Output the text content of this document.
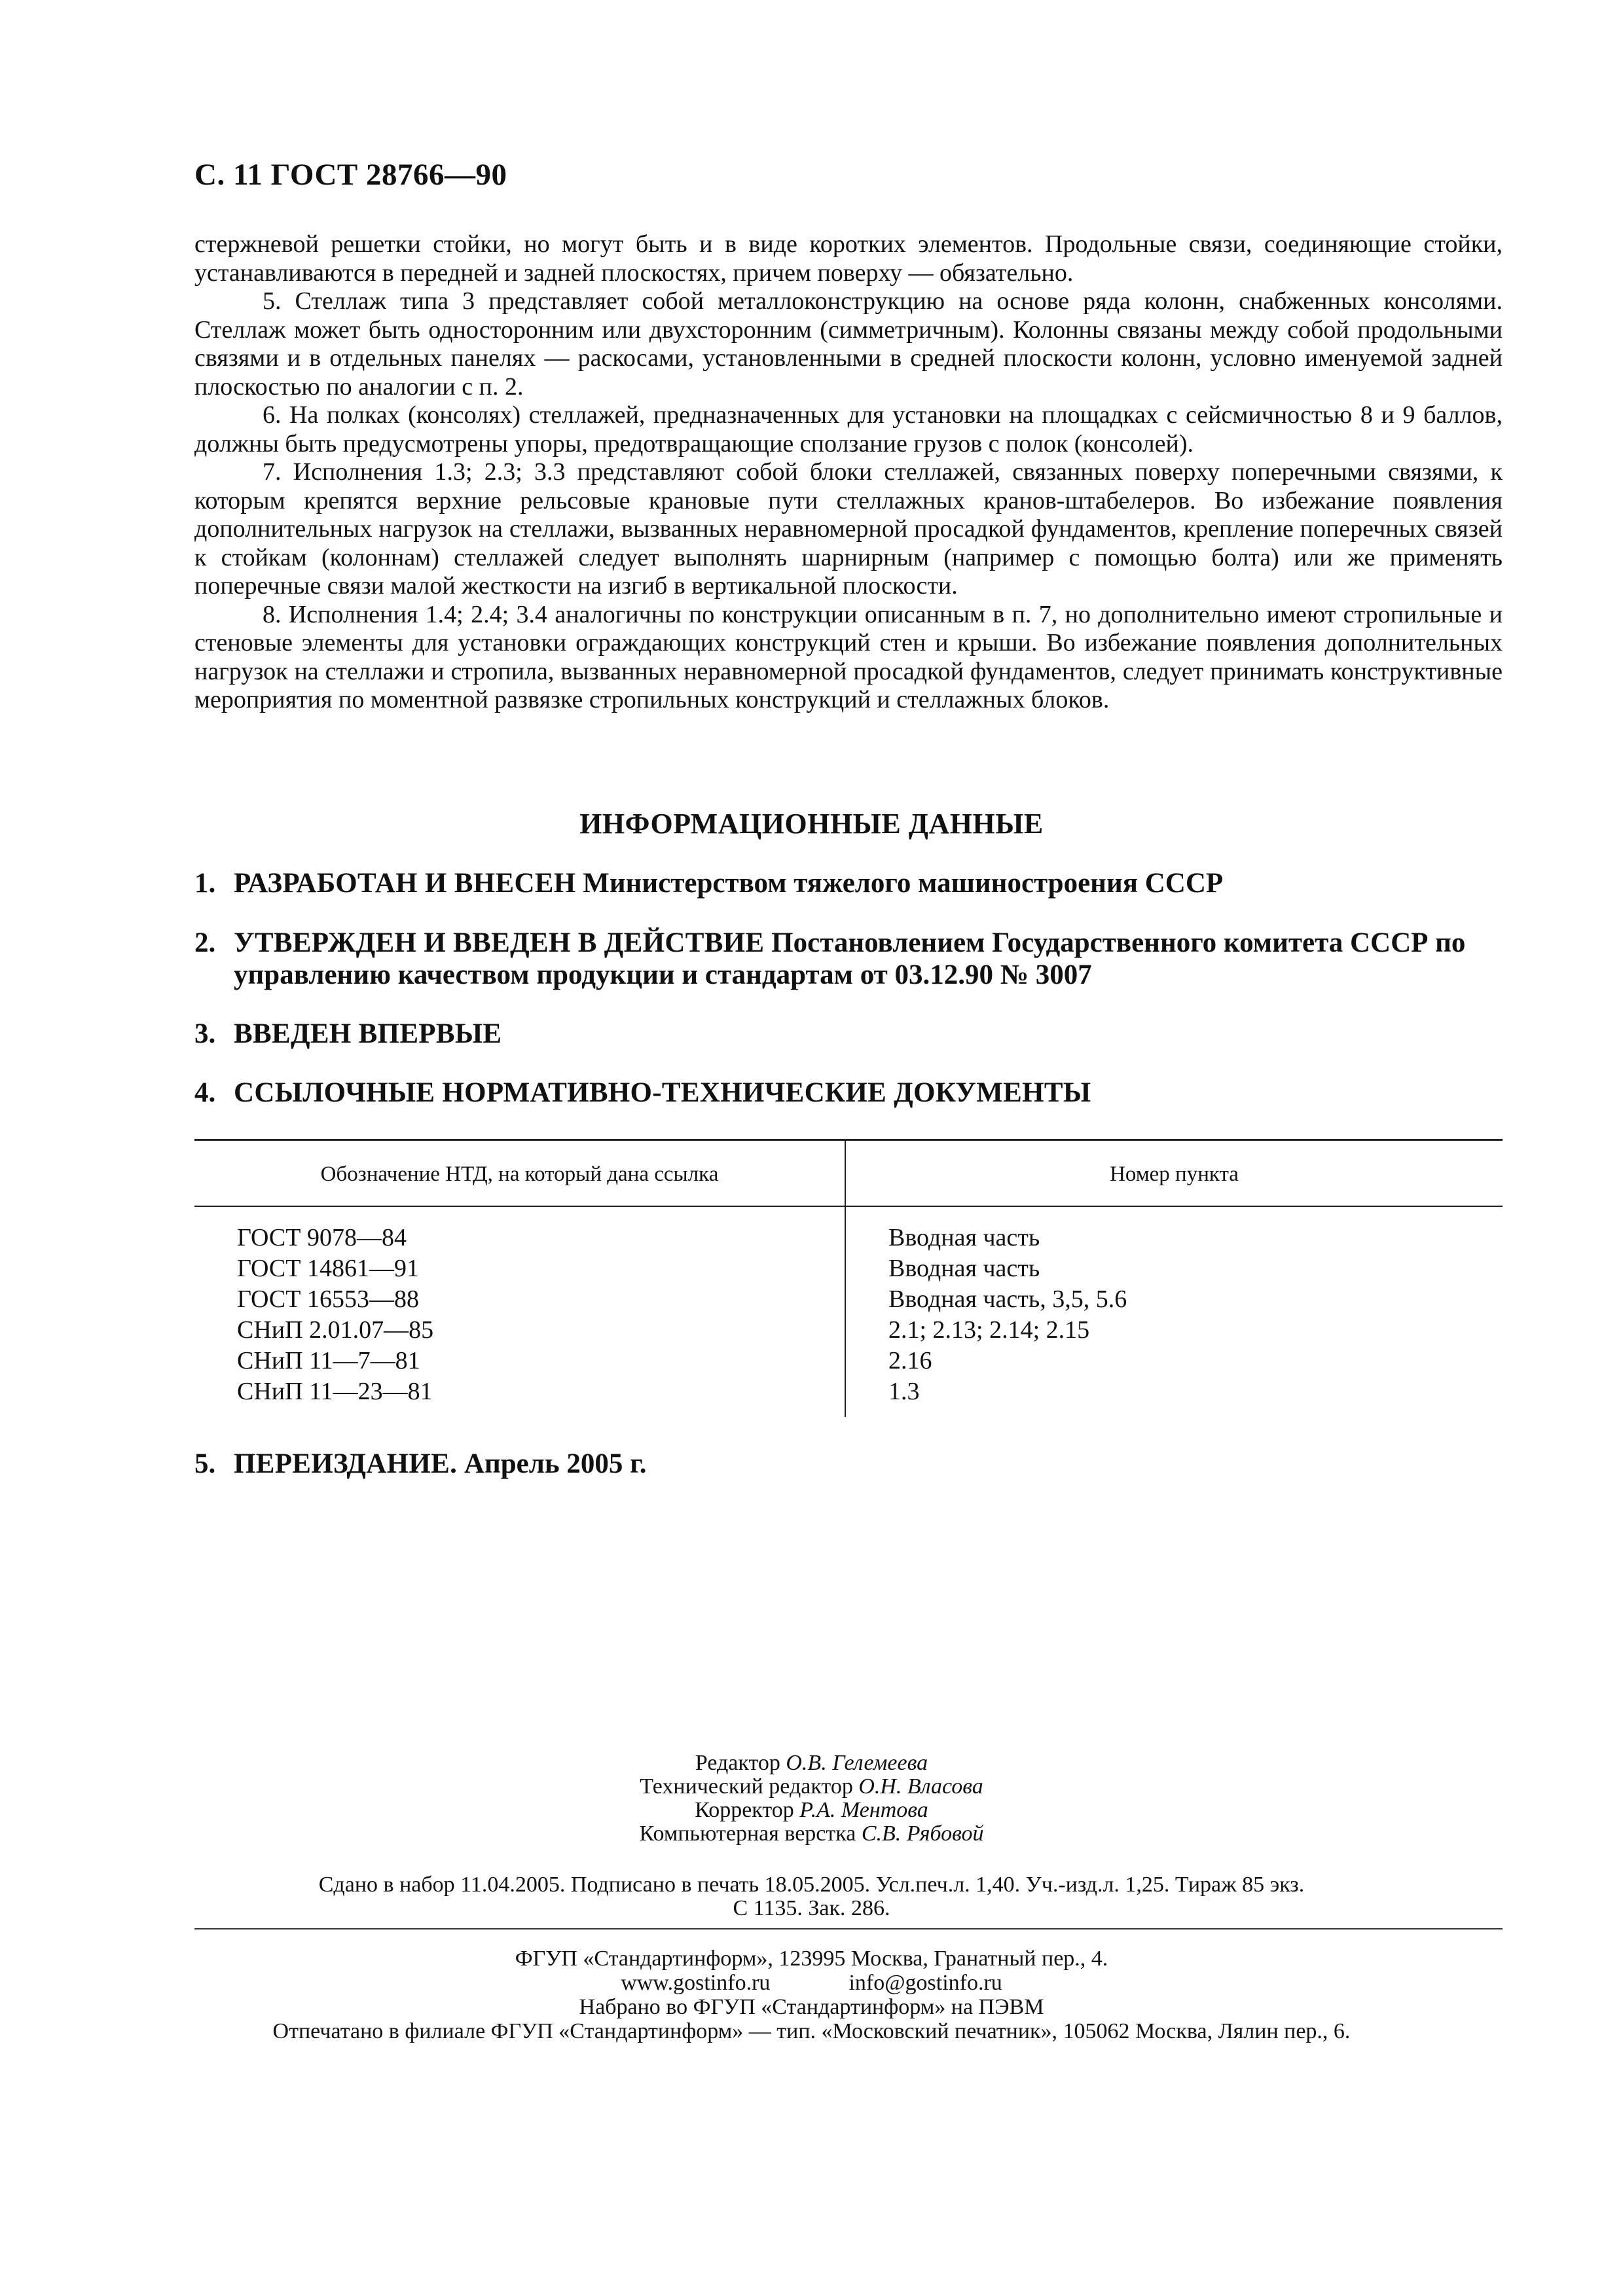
С. 11 ГОСТ 28766—90

стержневой решетки стойки, но могут быть и в виде коротких элементов. Продольные связи, соединяющие стойки, устанавливаются в передней и задней плоскостях, причем поверху — обязательно.

5. Стеллаж типа 3 представляет собой металлоконструкцию на основе ряда колонн, снабженных консолями. Стеллаж может быть односторонним или двухсторонним (симметричным). Колонны связаны между собой продольными связями и в отдельных панелях — раскосами, установленными в средней плоскости колонн, условно именуемой задней плоскостью по аналогии с п. 2.

6. На полках (консолях) стеллажей, предназначенных для установки на площадках с сейсмичностью 8 и 9 баллов, должны быть предусмотрены упоры, предотвращающие сползание грузов с полок (консолей).

7. Исполнения 1.3; 2.3; 3.3 представляют собой блоки стеллажей, связанных поверху поперечными связями, к которым крепятся верхние рельсовые крановые пути стеллажных кранов-штабелеров. Во избежание появления дополнительных нагрузок на стеллажи, вызванных неравномерной просадкой фундаментов, крепление поперечных связей к стойкам (колоннам) стеллажей следует выполнять шарнирным (например с помощью болта) или же применять поперечные связи малой жесткости на изгиб в вертикальной плоскости.

8. Исполнения 1.4; 2.4; 3.4 аналогичны по конструкции описанным в п. 7, но дополнительно имеют стропильные и стеновые элементы для установки ограждающих конструкций стен и крыши. Во избежание появления дополнительных нагрузок на стеллажи и стропила, вызванных неравномерной просадкой фундаментов, следует принимать конструктивные мероприятия по моментной развязке стропильных конструкций и стеллажных блоков.

ИНФОРМАЦИОННЫЕ ДАННЫЕ
1. РАЗРАБОТАН И ВНЕСЕН Министерством тяжелого машиностроения СССР
2. УТВЕРЖДЕН И ВВЕДЕН В ДЕЙСТВИЕ Постановлением Государственного комитета СССР по управлению качеством продукции и стандартам от 03.12.90 № 3007
3. ВВЕДЕН ВПЕРВЫЕ
4. ССЫЛОЧНЫЕ НОРМАТИВНО-ТЕХНИЧЕСКИЕ ДОКУМЕНТЫ
Обозначение НТД, на который дана ссылка	Номер пункта
ГОСТ 9078—84
ГОСТ 14861—91
ГОСТ 16553—88
СНиП 2.01.07—85
СНиП 11—7—81
СНиП 11—23—81
Вводная часть
Вводная часть
Вводная часть, 3,5, 5.6
2.1; 2.13; 2.14; 2.15
2.16
1.3
5. ПЕРЕИЗДАНИЕ. Апрель 2005 г.
Редактор О.В. Гелемеева
Технический редактор О.Н. Власова
Корректор Р.А. Ментова
Компьютерная верстка С.В. Рябовой
Сдано в набор 11.04.2005. Подписано в печать 18.05.2005. Усл.печ.л. 1,40. Уч.-изд.л. 1,25. Тираж 85 экз.
С 1135. Зак. 286.
ФГУП «Стандартинформ», 123995 Москва, Гранатный пер., 4.
www.gostinfo.ru	info@gostinfo.ru
Набрано во ФГУП «Стандартинформ» на ПЭВМ
Отпечатано в филиале ФГУП «Стандартинформ» — тип. «Московский печатник», 105062 Москва, Лялин пер., 6.
